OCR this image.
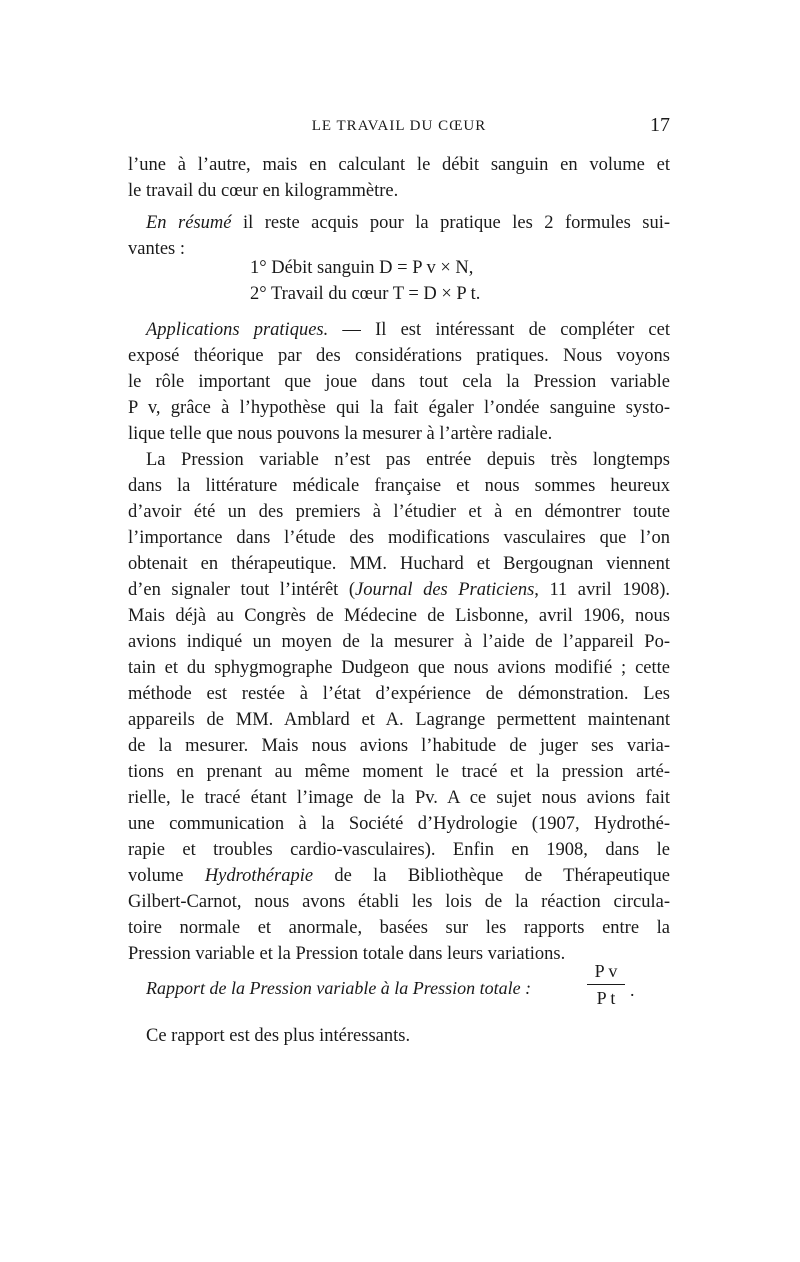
LE TRAVAIL DU CŒUR	17
l’une à l’autre, mais en calculant le débit sanguin en volume et
le travail du cœur en kilogrammètre.
En résumé il reste acquis pour la pratique les 2 formules sui-
vantes :
1° Débit sanguin D = P v × N,
2° Travail du cœur T = D × P t.
Applications pratiques. — Il est intéressant de compléter cet
exposé théorique par des considérations pratiques. Nous voyons
le rôle important que joue dans tout cela la Pression variable
P v, grâce à l’hypothèse qui la fait égaler l’ondée sanguine systo-
lique telle que nous pouvons la mesurer à l’artère radiale.
La Pression variable n’est pas entrée depuis très longtemps
dans la littérature médicale française et nous sommes heureux
d’avoir été un des premiers à l’étudier et à en démontrer toute
l’importance dans l’étude des modifications vasculaires que l’on
obtenait en thérapeutique. MM. Huchard et Bergougnan viennent
d’en signaler tout l’intérêt (Journal des Praticiens, 11 avril 1908).
Mais déjà au Congrès de Médecine de Lisbonne, avril 1906, nous
avions indiqué un moyen de la mesurer à l’aide de l’appareil Po-
tain et du sphygmographe Dudgeon que nous avions modifié ; cette
méthode est restée à l’état d’expérience de démonstration. Les
appareils de MM. Amblard et A. Lagrange permettent maintenant
de la mesurer. Mais nous avions l’habitude de juger ses varia-
tions en prenant au même moment le tracé et la pression arté-
rielle, le tracé étant l’image de la Pv. A ce sujet nous avions fait
une communication à la Société d’Hydrologie (1907, Hydrothé-
rapie et troubles cardio-vasculaires). Enfin en 1908, dans le
volume Hydrothérapie de la Bibliothèque de Thérapeutique
Gilbert-Carnot, nous avons établi les lois de la réaction circula-
toire normale et anormale, basées sur les rapports entre la
Pression variable et la Pression totale dans leurs variations.
Rapport de la Pression variable à la Pression totale :
P v
P t .
Ce rapport est des plus intéressants.
